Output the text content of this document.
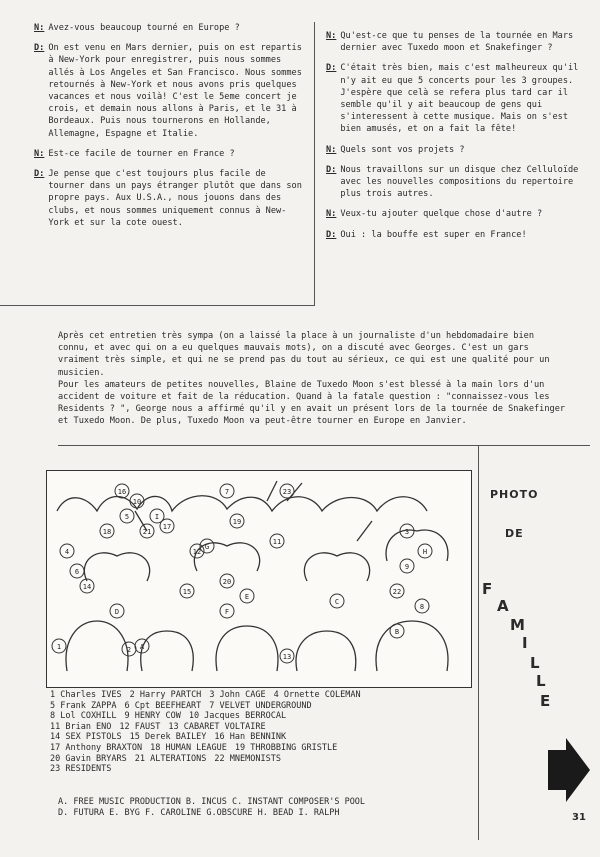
N: Avez-vous beaucoup tourné en Europe ?
D: On est venu en Mars dernier, puis on est repartis à New-York pour enregistrer, puis nous sommes allés à Los Angeles et San Francisco. Nous sommes retournés à New-York et nous avons pris quelques vacances et nous voilà! C'est le 5eme concert je crois, et demain nous allons à Paris, et le 31 à Bordeaux. Puis nous tournerons en Hollande, Allemagne, Espagne et Italie.
N: Est-ce facile de tourner en France ?
D: Je pense que c'est toujours plus facile de tourner dans un pays étranger plutôt que dans son propre pays. Aux U.S.A., nous jouons dans des clubs, et nous sommes uniquement connus à New-York et sur la cote ouest.
N: Qu'est-ce que tu penses de la tournée en Mars dernier avec Tuxedo moon et Snakefinger ?
D: C'était très bien, mais c'est malheureux qu'il n'y ait eu que 5 concerts pour les 3 groupes. J'espère que celà se refera plus tard car il semble qu'il y ait beaucoup de gens qui s'interessent à cette musique. Mais on s'est bien amusés, et on a fait la fête!
N: Quels sont vos projets ?
D: Nous travaillons sur un disque chez Celluloïde avec les nouvelles compositions du repertoire plus trois autres.
N: Veux-tu ajouter quelque chose d'autre ?
D: Oui : la bouffe est super en France!

Après cet entretien très sympa (on a laissé la place à un journaliste d'un hebdomadaire bien connu, et avec qui on a eu quelques mauvais mots), on a discuté avec Georges. C'est un gars vraiment très simple, et qui ne se prend pas du tout au sérieux, ce qui est une qualité pour un musicien.

Pour les amateurs de petites nouvelles, Blaine de Tuxedo Moon s'est blessé à la main lors d'un accident de voiture et fait de la réducation. Quand à la fatale question : "connaissez-vous les Residents ? ", George nous a affirmé qu'il y en avait un présent lors de la tournée de Snakefinger et Tuxedo Moon. De plus, Tuxedo Moon va peut-être tourner en Europe en Janvier.

1	2
3
4
5
6
7
8
9
10
11
12
13
14
15
16
17
18
19
20
21
22
23
A
B
C
D
E
F
G
H
I
PHOTO
DE
F
A
M
I
L
L
E
1 Charles IVES 2 Harry PARTCH 3 John CAGE 4 Ornette COLEMAN
5 Frank ZAPPA 6 Cpt BEEFHEART 7 VELVET UNDERGROUND
8 Lol COXHILL 9 HENRY COW 10 Jacques BERROCAL
11 Brian ENO 12 FAUST 13 CABARET VOLTAIRE
14 SEX PISTOLS 15 Derek BAILEY 16 Han BENNINK
17 Anthony BRAXTON 18 HUMAN LEAGUE 19 THROBBING GRISTLE
20 Gavin BRYARS 21 ALTERATIONS 22 MNEMONISTS
23 RESIDENTS
A. FREE MUSIC PRODUCTION B. INCUS C. INSTANT COMPOSER'S POOL
D. FUTURA E. BYG F. CAROLINE G.OBSCURE H. BEAD I. RALPH	31
